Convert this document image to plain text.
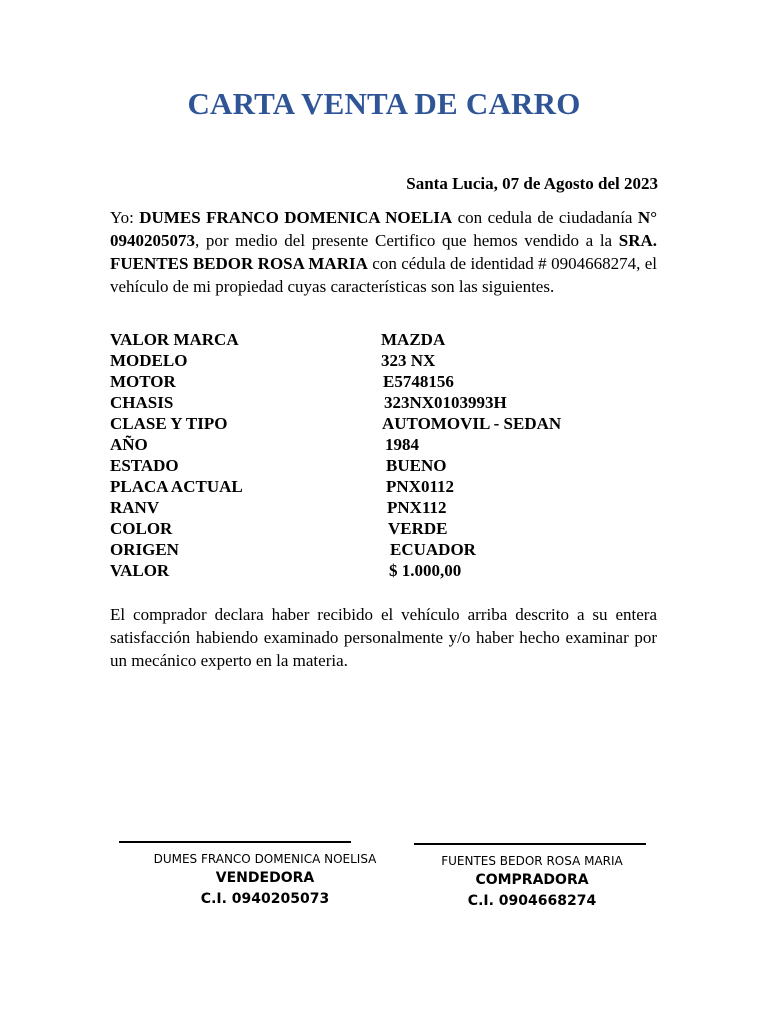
CARTA VENTA DE CARRO
Santa Lucia, 07 de Agosto del 2023
Yo: DUMES FRANCO DOMENICA NOELIA con cedula de ciudadanía N° 0940205073, por medio del presente Certifico que hemos vendido a la SRA. FUENTES BEDOR ROSA MARIA con cédula de identidad # 0904668274, el vehículo de mi propiedad cuyas características son las siguientes.
VALOR MARCA	MAZDA
MODELO	323 NX
MOTOR	E5748156
CHASIS	323NX0103993H
CLASE Y TIPO	AUTOMOVIL - SEDAN
AÑO	1984
ESTADO	BUENO
PLACA ACTUAL	PNX0112
RANV	PNX112
COLOR	VERDE
ORIGEN	ECUADOR
VALOR	$ 1.000,00
El comprador declara haber recibido el vehículo arriba descrito a su entera satisfacción habiendo examinado personalmente y/o haber hecho examinar por un mecánico experto en la materia.
DUMES FRANCO DOMENICA NOELISA
VENDEDORA
C.I. 0940205073
FUENTES BEDOR ROSA MARIA
COMPRADORA
C.I. 0904668274
